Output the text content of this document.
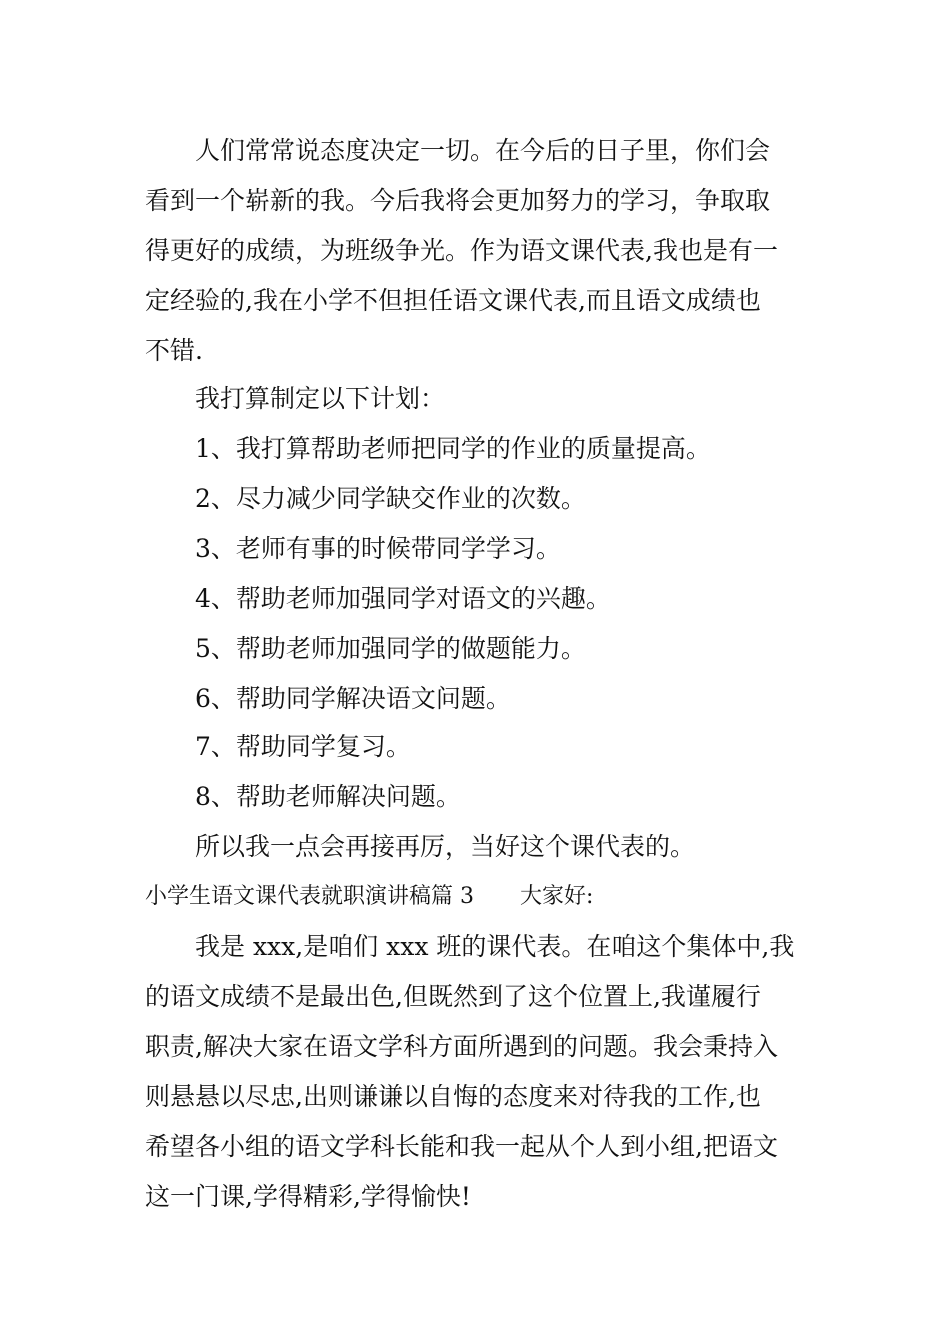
人们常常说态度决定一切。在今后的日子里，你们会
看到一个崭新的我。今后我将会更加努力的学习，争取取
得更好的成绩，为班级争光。作为语文课代表,我也是有一
定经验的,我在小学不但担任语文课代表,而且语文成绩也
不错.
我打算制定以下计划：
1、我打算帮助老师把同学的作业的质量提高。
2、尽力减少同学缺交作业的次数。
3、老师有事的时候带同学学习。
4、帮助老师加强同学对语文的兴趣。
5、帮助老师加强同学的做题能力。
6、帮助同学解决语文问题。
7、帮助同学复习。
8、帮助老师解决问题。
所以我一点会再接再厉，当好这个课代表的。
小学生语文课代表就职演讲稿篇 3 大家好:
我是 xxx,是咱们 xxx 班的课代表。在咱这个集体中,我
的语文成绩不是最出色,但既然到了这个位置上,我谨履行
职责,解决大家在语文学科方面所遇到的问题。我会秉持入
则悬悬以尽忠,出则谦谦以自悔的态度来对待我的工作,也
希望各小组的语文学科长能和我一起从个人到小组,把语文
这一门课,学得精彩,学得愉快!
